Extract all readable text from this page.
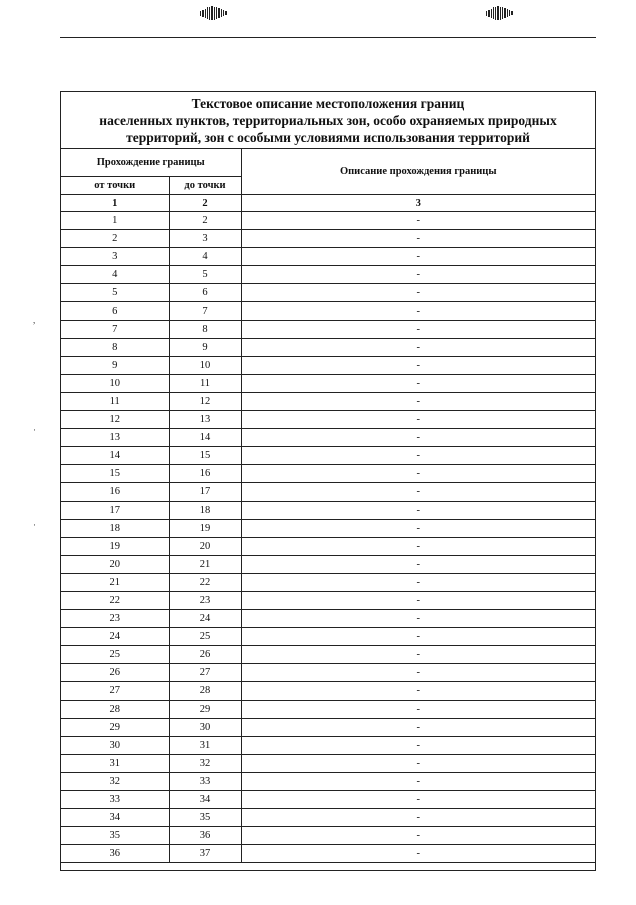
,
·
·
Текстовое описание местоположения границ
населенных пунктов, территориальных зон, особо охраняемых природных
территорий, зон с особыми условиями использования территорий
Прохождение границы		Описание прохождения границы
от точки	до точки	
1	2	3
1	2	-
2	3	-
3	4	-
4	5	-
5	6	-
6	7	-
7	8	-
8	9	-
9	10	-
10	11	-
11	12	-
12	13	-
13	14	-
14	15	-
15	16	-
16	17	-
17	18	-
18	19	-
19	20	-
20	21	-
21	22	-
22	23	-
23	24	-
24	25	-
25	26	-
26	27	-
27	28	-
28	29	-
29	30	-
30	31	-
31	32	-
32	33	-
33	34	-
34	35	-
35	36	-
36	37	-
